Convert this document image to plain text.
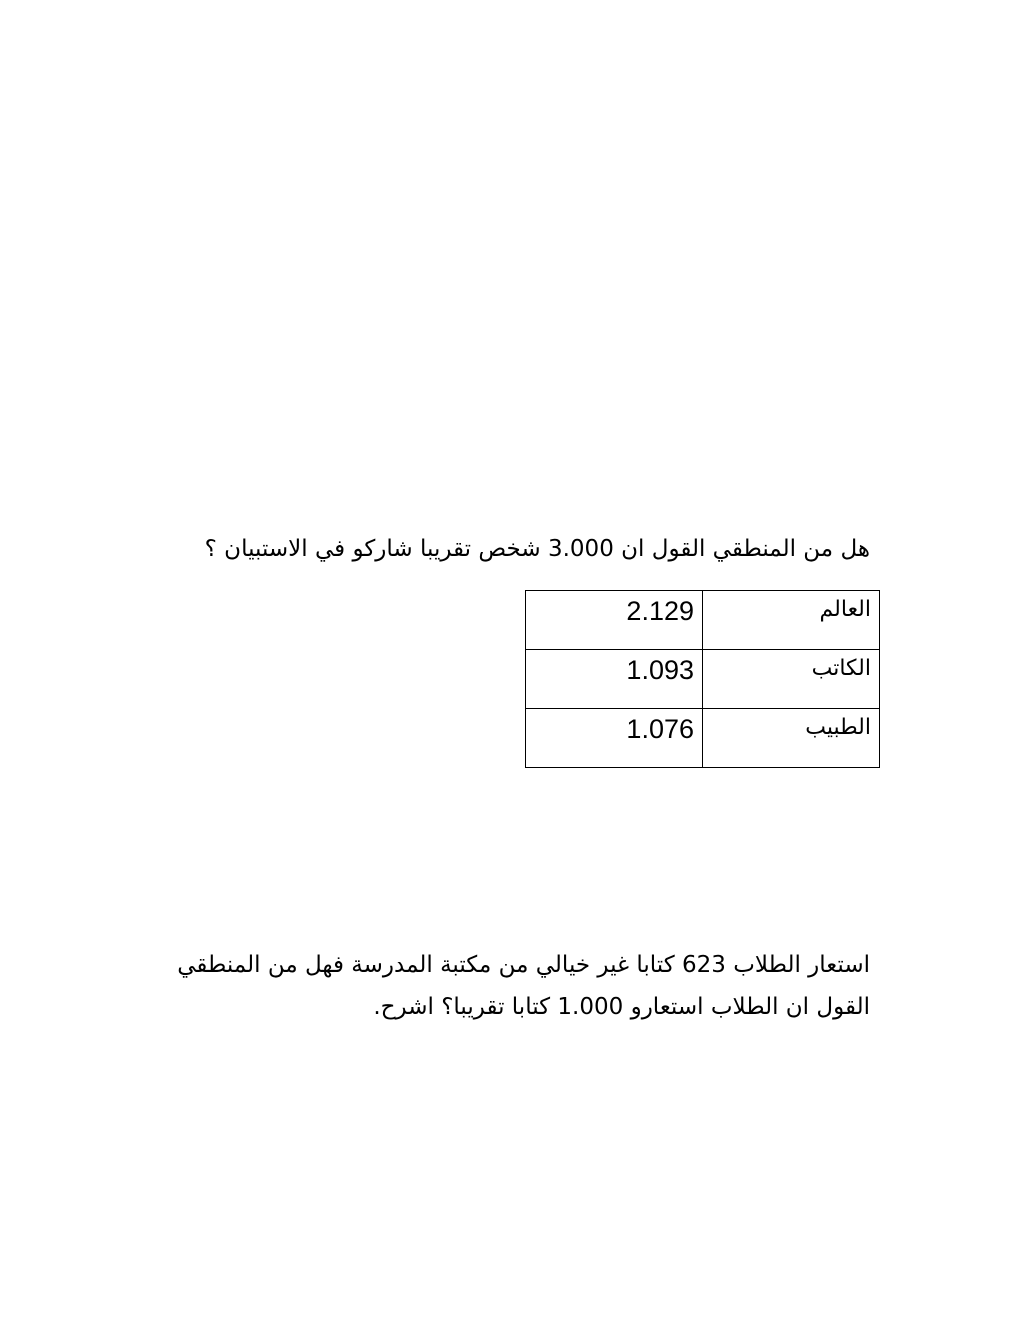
هل من المنطقي القول ان 3.000 شخص تقريبا شاركو في الاستبيان ؟

العالم	2.129
الكاتب	1.093
الطبيب	1.076
استعار الطلاب 623 كتابا غير خيالي من مكتبة المدرسة فهل من المنطقي
القول ان الطلاب استعارو 1.000 كتابا تقريبا؟ اشرح.
